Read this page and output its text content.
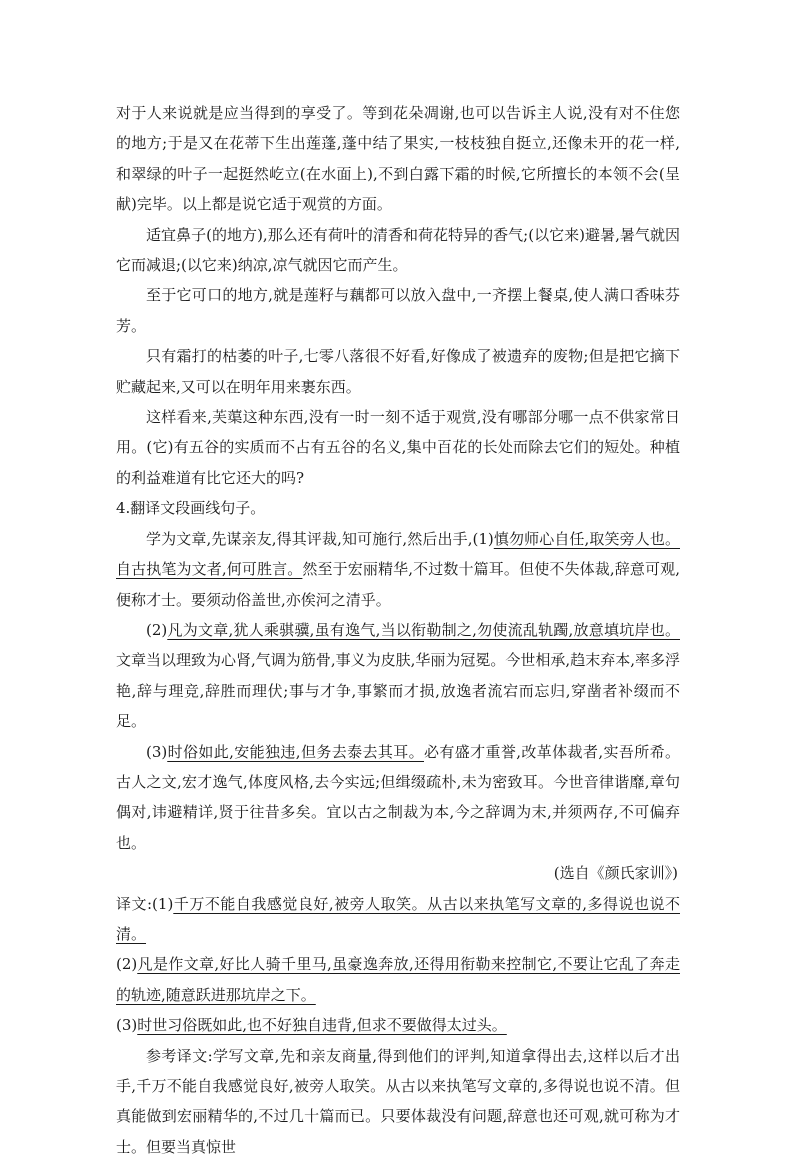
对于人来说就是应当得到的享受了。等到花朵凋谢,也可以告诉主人说,没有对不住您的地方;于是又在花蒂下生出莲蓬,蓬中结了果实,一枝枝独自挺立,还像未开的花一样,和翠绿的叶子一起挺然屹立(在水面上),不到白露下霜的时候,它所擅长的本领不会(呈献)完毕。以上都是说它适于观赏的方面。

适宜鼻子(的地方),那么还有荷叶的清香和荷花特异的香气;(以它来)避暑,暑气就因它而减退;(以它来)纳凉,凉气就因它而产生。

至于它可口的地方,就是莲籽与藕都可以放入盘中,一齐摆上餐桌,使人满口香味芬芳。

只有霜打的枯萎的叶子,七零八落很不好看,好像成了被遗弃的废物;但是把它摘下贮藏起来,又可以在明年用来裹东西。

这样看来,芙蕖这种东西,没有一时一刻不适于观赏,没有哪部分哪一点不供家常日用。(它)有五谷的实质而不占有五谷的名义,集中百花的长处而除去它们的短处。种植的利益难道有比它还大的吗?

4.翻译文段画线句子。

学为文章,先谋亲友,得其评裁,知可施行,然后出手,(1)慎勿师心自任,取笑旁人也。自古执笔为文者,何可胜言。然至于宏丽精华,不过数十篇耳。但使不失体裁,辞意可观,便称才士。要须动俗盖世,亦俟河之清乎。

(2)凡为文章,犹人乘骐骥,虽有逸气,当以衔勒制之,勿使流乱轨躅,放意填坑岸也。文章当以理致为心肾,气调为筋骨,事义为皮肤,华丽为冠冕。今世相承,趋末弃本,率多浮艳,辞与理竞,辞胜而理伏;事与才争,事繁而才损,放逸者流宕而忘归,穿凿者补缀而不足。

(3)时俗如此,安能独违,但务去泰去其耳。必有盛才重誉,改革体裁者,实吾所希。古人之文,宏才逸气,体度风格,去今实远;但缉缀疏朴,未为密致耳。今世音律谐靡,章句偶对,讳避精详,贤于往昔多矣。宜以古之制裁为本,今之辞调为末,并须两存,不可偏弃也。

(选自《颜氏家训》)

译文:(1)千万不能自我感觉良好,被旁人取笑。从古以来执笔写文章的,多得说也说不清。

(2)凡是作文章,好比人骑千里马,虽豪逸奔放,还得用衔勒来控制它,不要让它乱了奔走的轨迹,随意跃进那坑岸之下。

(3)时世习俗既如此,也不好独自违背,但求不要做得太过头。

参考译文:学写文章,先和亲友商量,得到他们的评判,知道拿得出去,这样以后才出手,千万不能自我感觉良好,被旁人取笑。从古以来执笔写文章的,多得说也说不清。但真能做到宏丽精华的,不过几十篇而已。只要体裁没有问题,辞意也还可观,就可称为才士。但要当真惊世
